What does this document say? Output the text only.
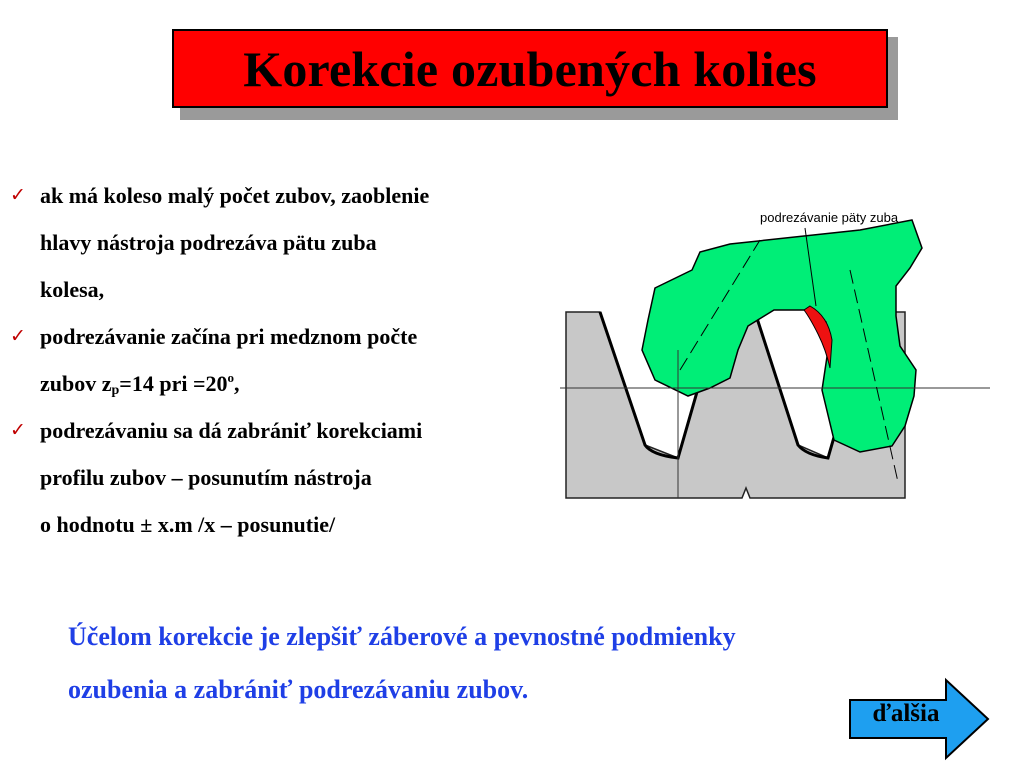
Korekcie ozubených kolies
✓ ak má koleso malý počet zubov, zaoblenie
hlavy nástroja podrezáva pätu zuba
kolesa,
✓ podrezávanie začína pri medznom počte
zubov $z_p=14$ pri $=20^o$,
✓ podrezávaniu sa dá zabrániť korekciami
profilu zubov – posunutím nástroja
o hodnotu ± x.m /x – posunutie/
podrezávanie päty zuba
Účelom korekcie je zlepšiť záberové a pevnostné podmienky
ozubenia a zabrániť podrezávaniu zubov.
ďalšia
